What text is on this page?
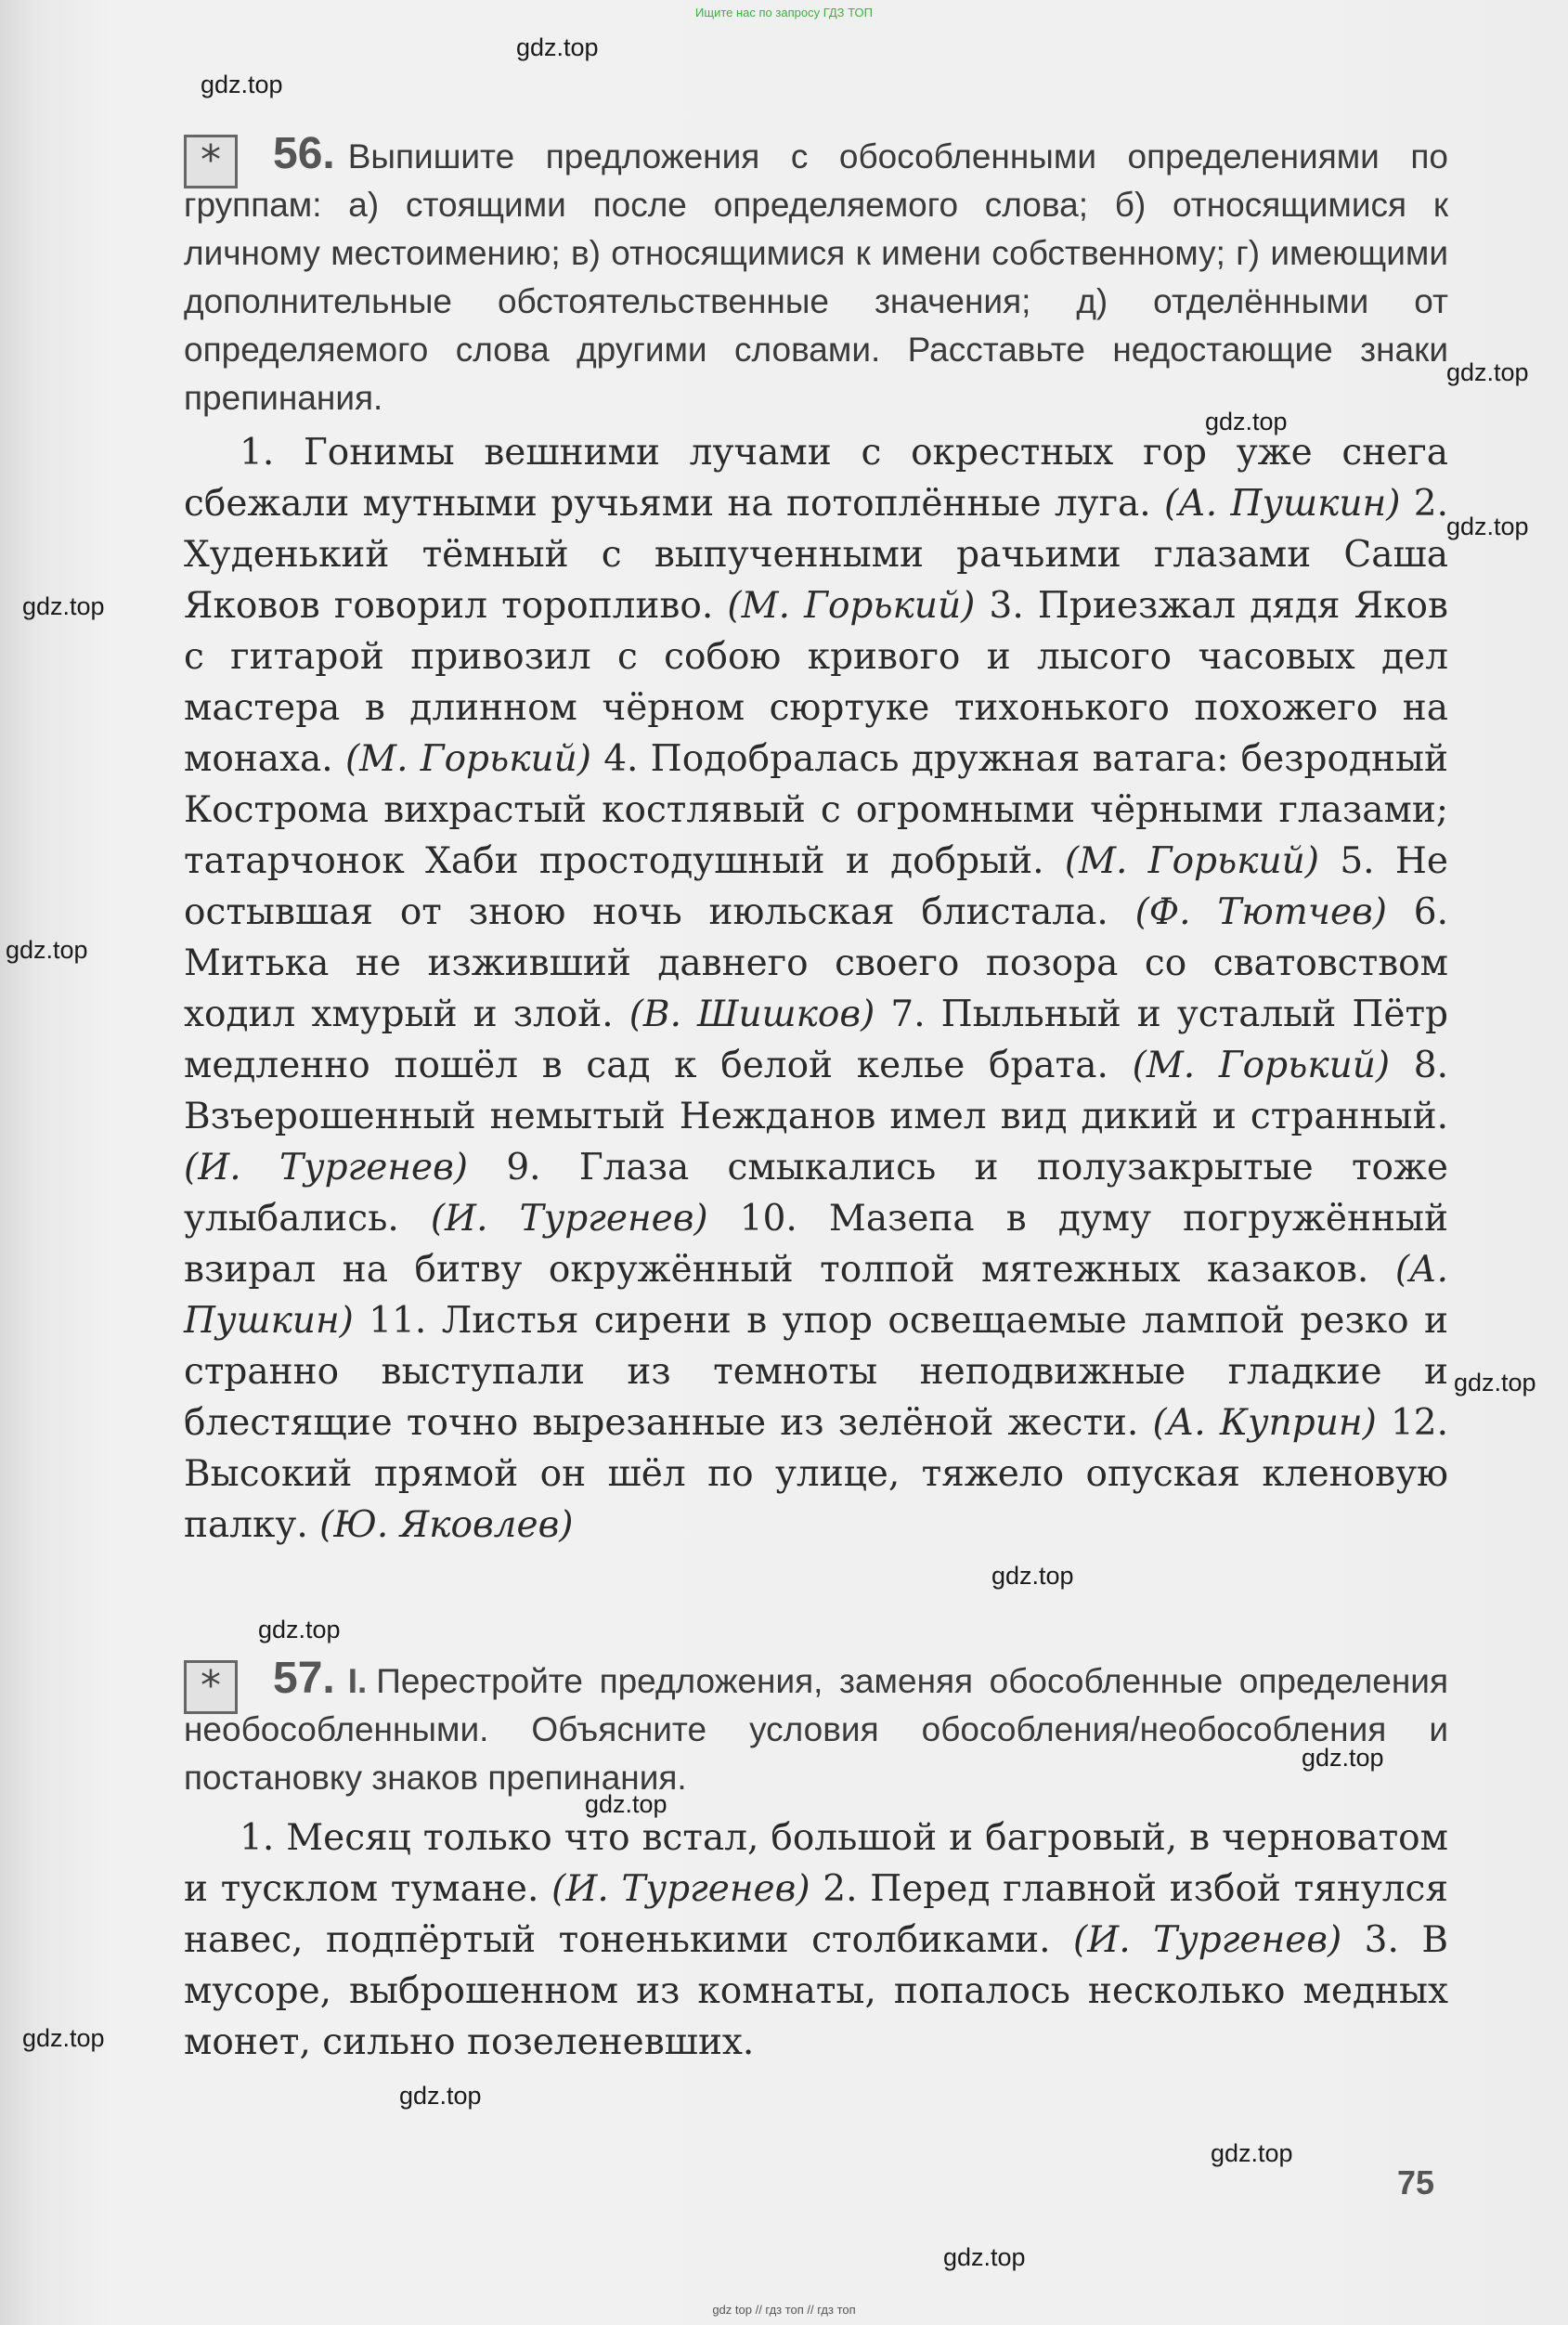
Ищите нас по запросу ГДЗ ТОП
gdz.top
gdz.top
gdz.top
gdz.top
gdz.top
gdz.top
gdz.top
gdz.top
gdz.top
gdz.top
gdz.top
gdz.top
gdz.top
gdz.top
gdz.top
gdz.top
*	56. Выпишите предложения с обособленными определениями по группам: а) стоящими после определяемого слова; б) относящимися к личному местоимению; в) относящимися к имени собственному; г) имеющими дополнительные обстоятельственные значения; д) отделёнными от определяемого слова другими словами. Расставьте недостающие знаки препинания.

1. Гонимы вешними лучами с окрестных гор уже снега сбежали мутными ручьями на потоплённые луга. (А. Пушкин) 2. Худенький тёмный с выпученными рачьими глазами Саша Яковов говорил торопливо. (М. Горький) 3. Приезжал дядя Яков с гитарой привозил с собою кривого и лысого часовых дел мастера в длинном чёрном сюртуке тихонького похожего на монаха. (М. Горький) 4. Подобралась дружная ватага: безродный Кострома вихрастый костлявый с огромными чёрными глазами; татарчонок Хаби простодушный и добрый. (М. Горький) 5. Не остывшая от зною ночь июльская блистала. (Ф. Тютчев) 6. Митька не изживший давнего своего позора со сватовством ходил хмурый и злой. (В. Шишков) 7. Пыльный и усталый Пётр медленно пошёл в сад к белой келье брата. (М. Горький) 8. Взъерошенный немытый Нежданов имел вид дикий и странный. (И. Тургенев) 9. Глаза смыкались и полузакрытые тоже улыбались. (И. Тургенев) 10. Мазепа в думу погружённый взирал на битву окружённый толпой мятежных казаков. (А. Пушкин) 11. Листья сирени в упор освещаемые лампой резко и странно выступали из темноты неподвижные гладкие и блестящие точно вырезанные из зелёной жести. (А. Куприн) 12. Высокий прямой он шёл по улице, тяжело опуская кленовую палку. (Ю. Яковлев)

*	57. I. Перестройте предложения, заменяя обособленные определения необособленными. Объясните условия обособления/необособления и постановку знаков препинания.

1. Месяц только что встал, большой и багровый, в черноватом и тусклом тумане. (И. Тургенев) 2. Перед главной избой тянулся навес, подпёртый тоненькими столбиками. (И. Тургенев) 3. В мусоре, выброшенном из комнаты, попалось несколько медных монет, сильно позеленевших.

75
gdz top // гдз топ // гдз топ
